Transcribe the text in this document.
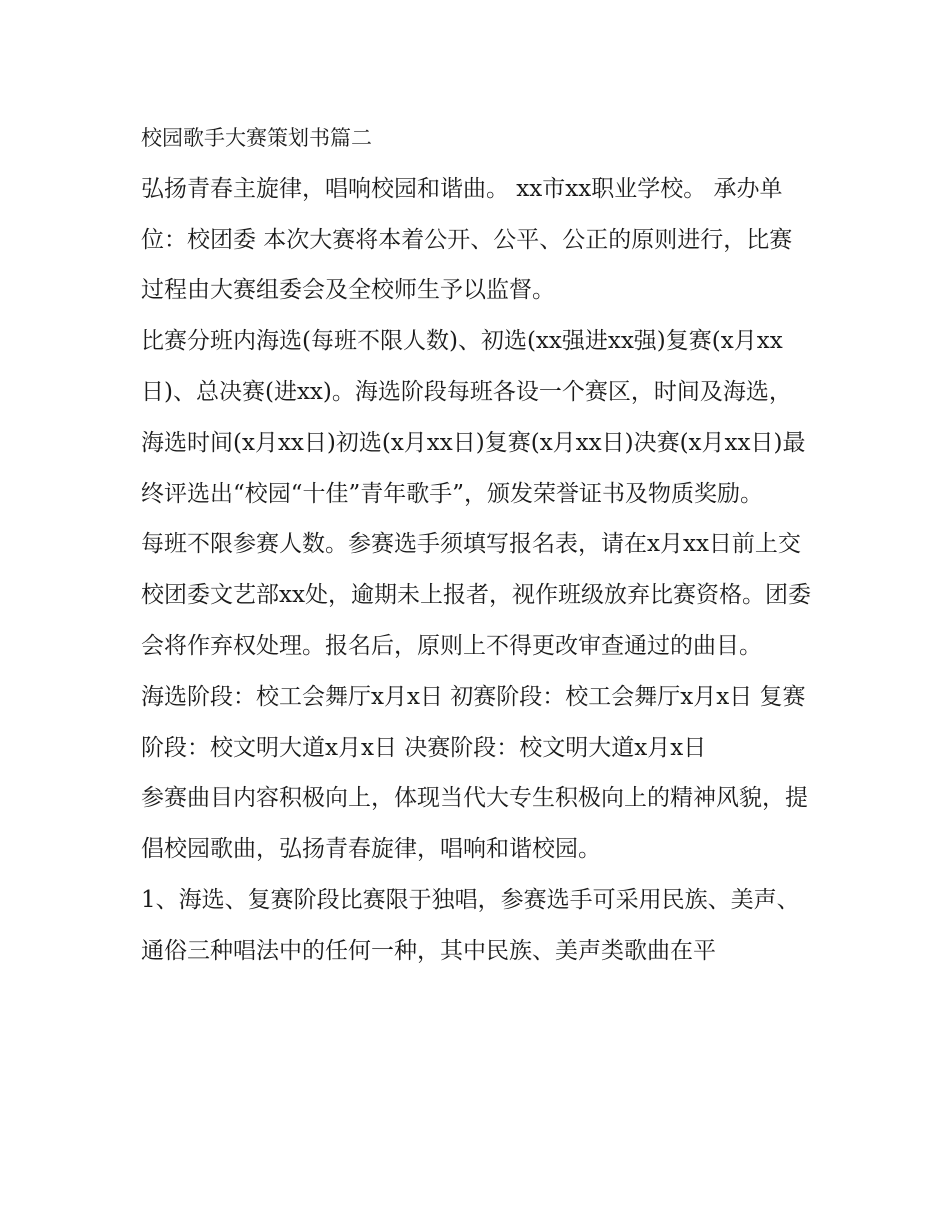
校园歌手大赛策划书篇二

弘扬青春主旋律，唱响校园和谐曲。 xx市xx职业学校。 承办单位：校团委 本次大赛将本着公开、公平、公正的原则进行，比赛过程由大赛组委会及全校师生予以监督。

比赛分班内海选(每班不限人数)、初选(xx强进xx强)复赛(x月xx日)、总决赛(进xx)。海选阶段每班各设一个赛区，时间及海选，海选时间(x月xx日)初选(x月xx日)复赛(x月xx日)决赛(x月xx日)最终评选出“校园“十佳”青年歌手”，颁发荣誉证书及物质奖励。

每班不限参赛人数。参赛选手须填写报名表，请在x月xx日前上交校团委文艺部xx处，逾期未上报者，视作班级放弃比赛资格。团委会将作弃权处理。报名后，原则上不得更改审查通过的曲目。

海选阶段：校工会舞厅x月x日 初赛阶段：校工会舞厅x月x日 复赛阶段：校文明大道x月x日 决赛阶段：校文明大道x月x日

参赛曲目内容积极向上，体现当代大专生积极向上的精神风貌，提倡校园歌曲，弘扬青春旋律，唱响和谐校园。

1、海选、复赛阶段比赛限于独唱，参赛选手可采用民族、美声、通俗三种唱法中的任何一种，其中民族、美声类歌曲在平
